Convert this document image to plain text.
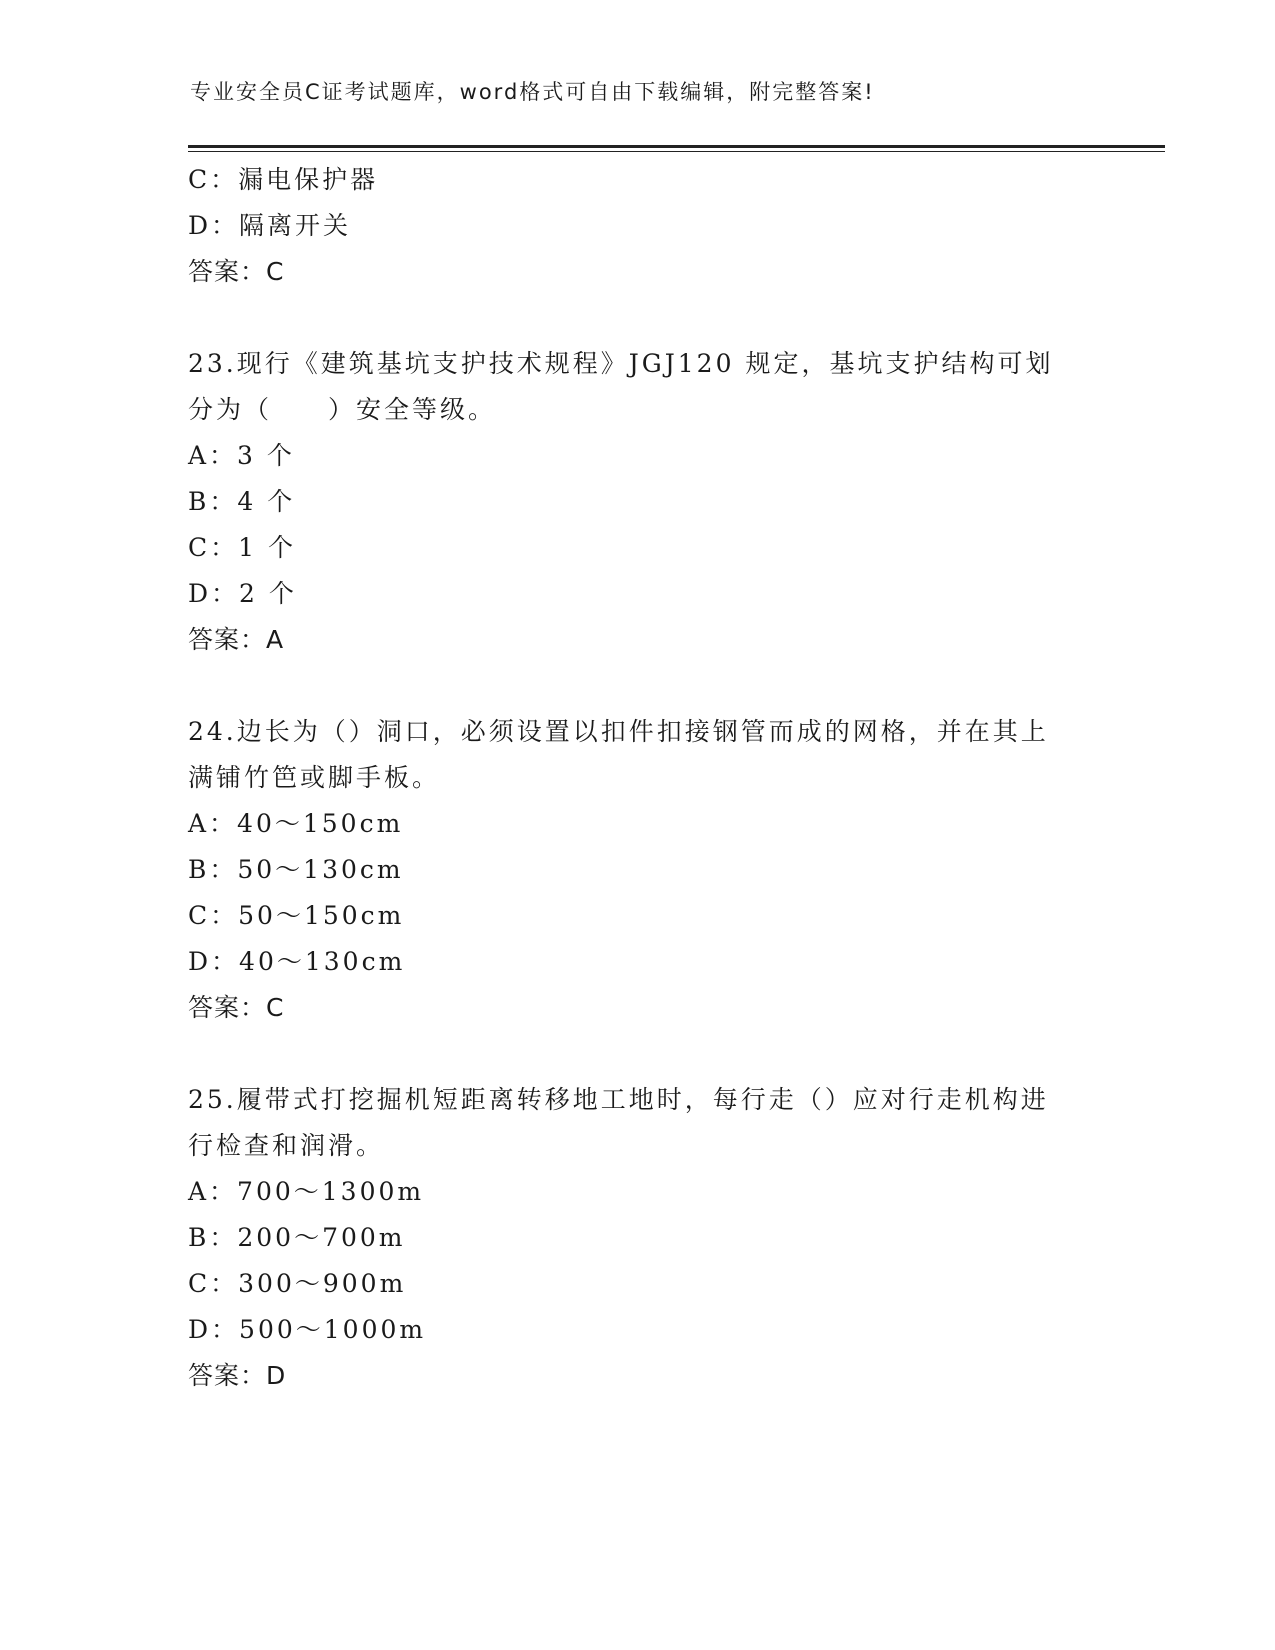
专业安全员C证考试题库，word格式可自由下载编辑，附完整答案!
C：漏电保护器
D：隔离开关
答案：C
23.现行《建筑基坑支护技术规程》JGJ120 规定，基坑支护结构可划
分为（　　）安全等级。
A：3 个
B：4 个
C：1 个
D：2 个
答案：A
24.边长为（）洞口，必须设置以扣件扣接钢管而成的网格，并在其上
满铺竹笆或脚手板。
A：40～150cm
B：50～130cm
C：50～150cm
D：40～130cm
答案：C
25.履带式打挖掘机短距离转移地工地时，每行走（）应对行走机构进
行检查和润滑。
A：700～1300m
B：200～700m
C：300～900m
D：500～1000m
答案：D
